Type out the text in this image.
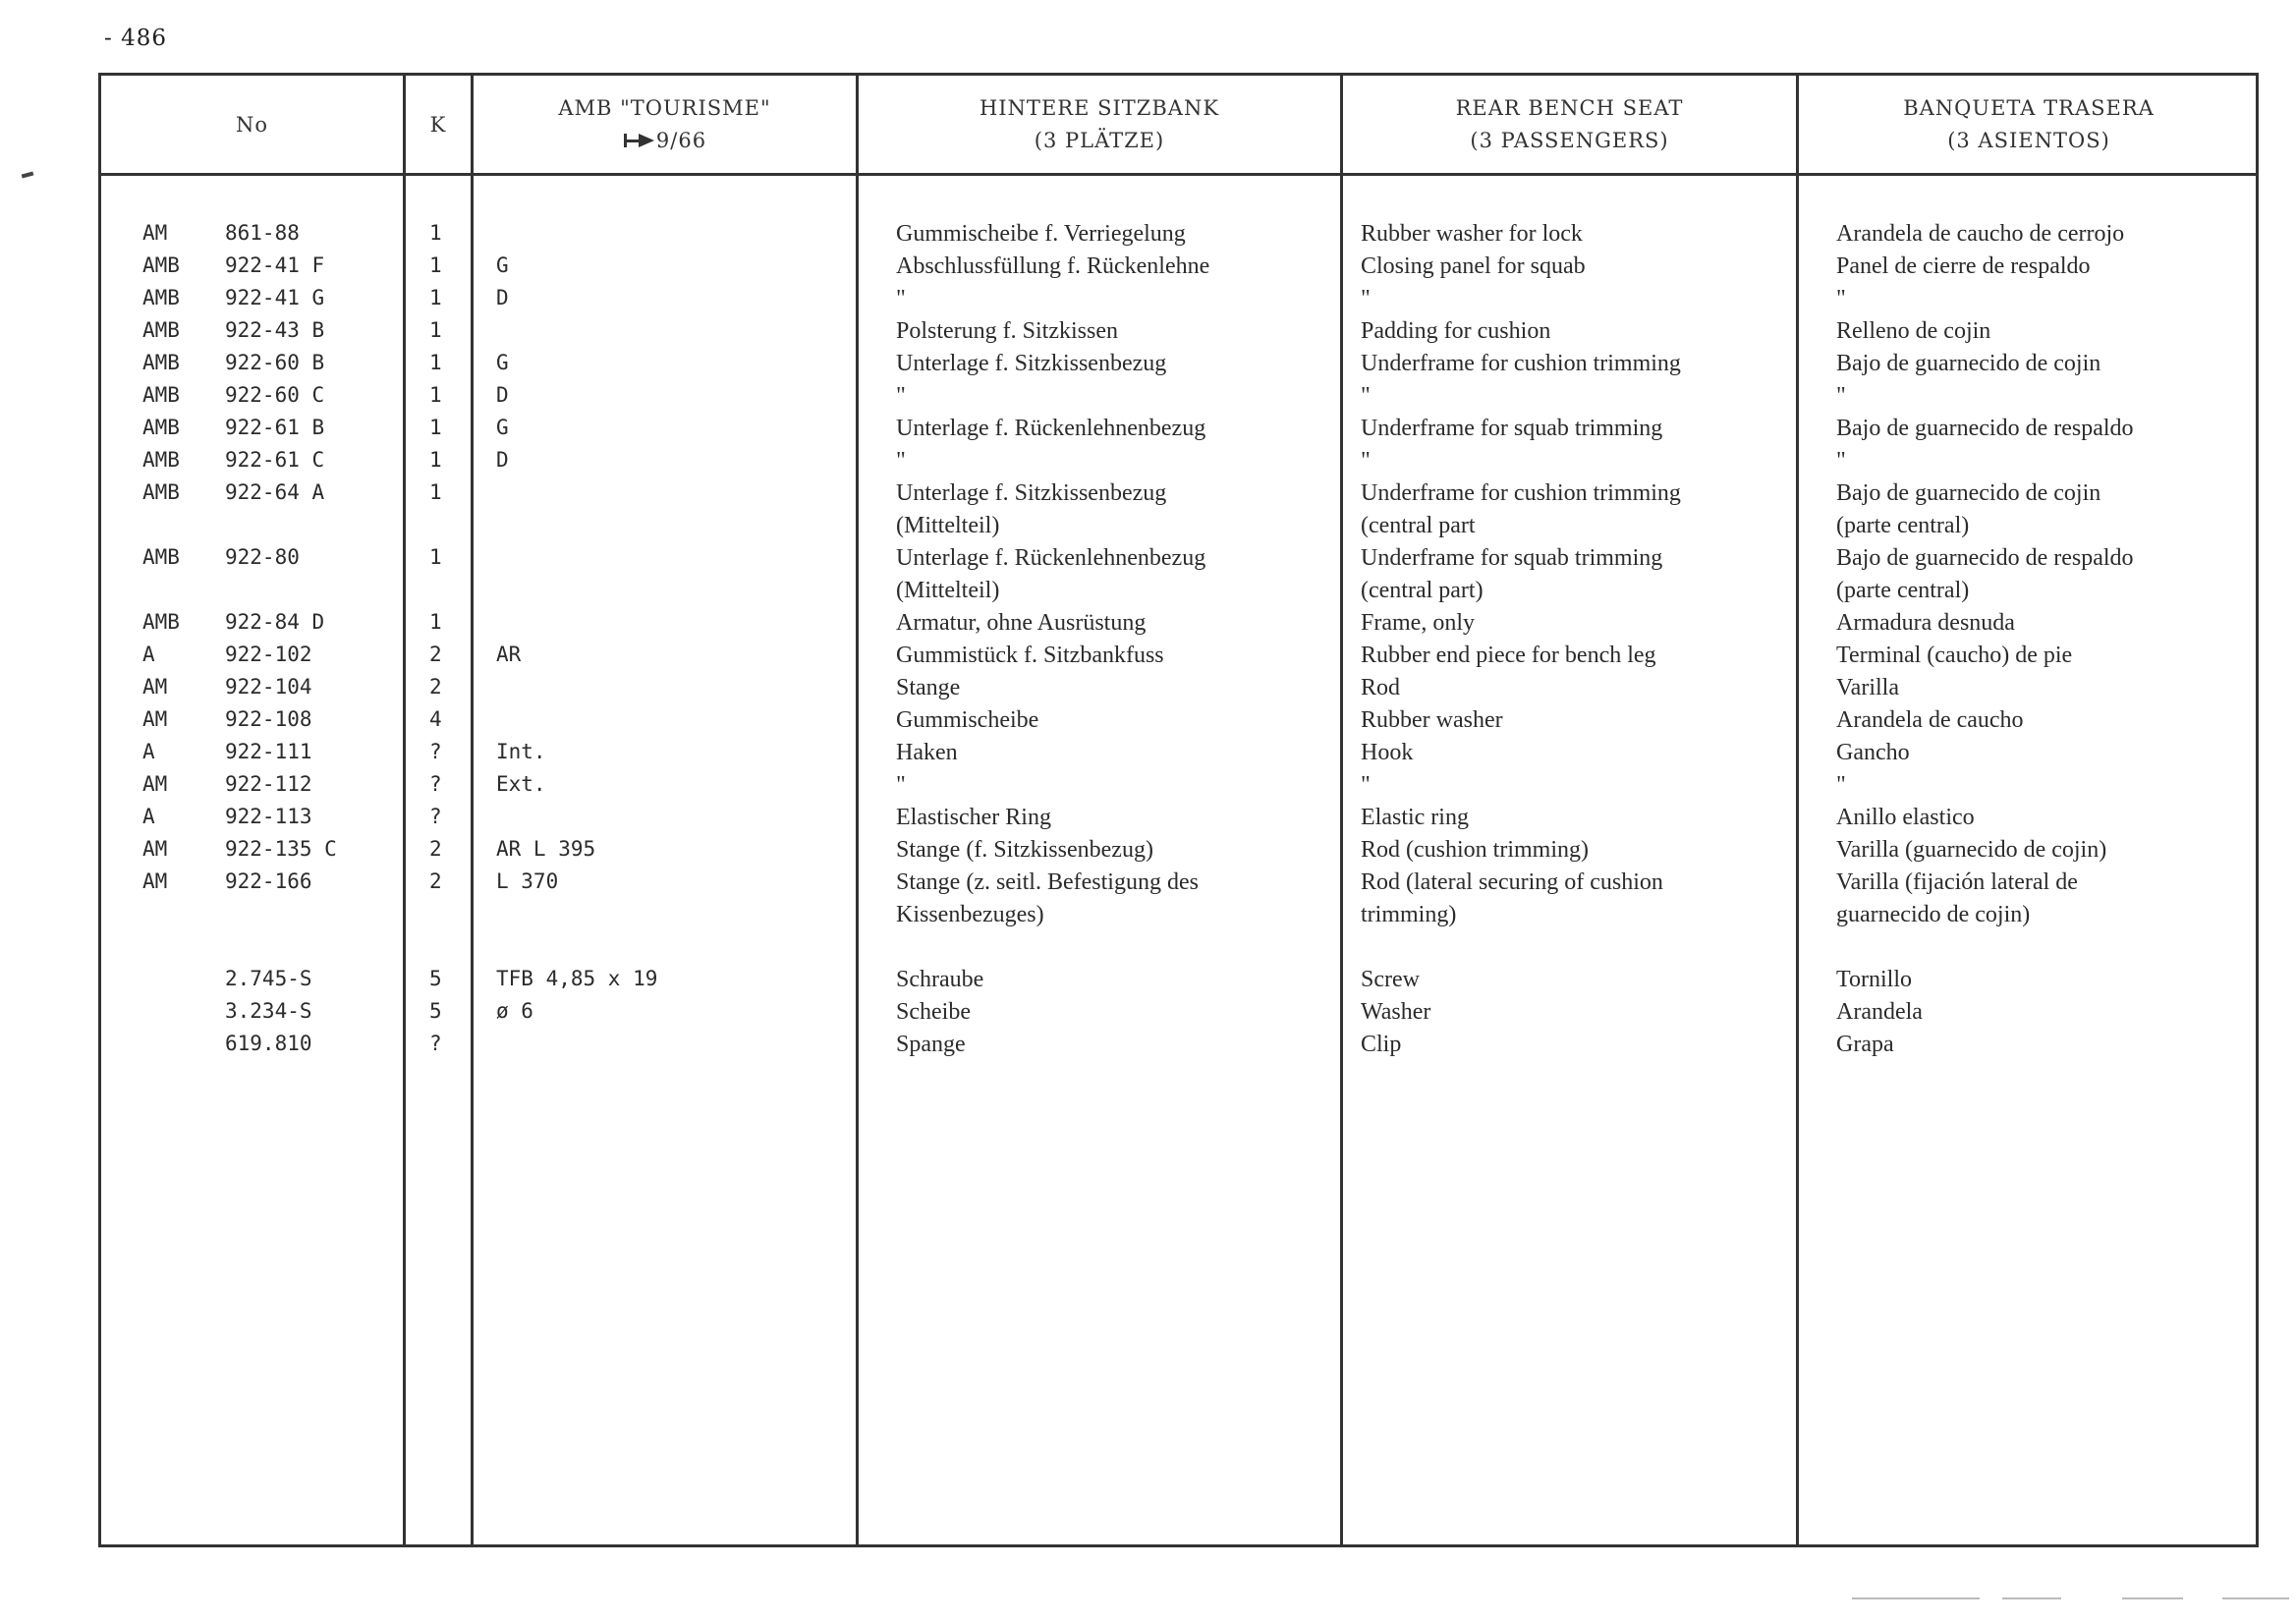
- 486
No	K
AMB "TOURISME"
9/66
HINTERE SITZBANK
(3 PLÄTZE)
REAR BENCH SEAT
(3 PASSENGERS)
BANQUETA TRASERA
(3 ASIENTOS)
AM
AMB
AMB
AMB
AMB
AMB
AMB
AMB
AMB
AMB
AMB
A
AM
AM
A
AM
A
AM
AM
861-88
922-41 F
922-41 G
922-43 B
922-60 B
922-60 C
922-61 B
922-61 C
922-64 A
922-80
922-84 D
922-102
922-104
922-108
922-111
922-112
922-113
922-135 C
922-166
2.745-S
3.234-S
619.810
1
1
1
1
1
1
1
1
1
1
1
2
2
4
?
?
?
2
2
5
5
?
G
D
G
D
G
D
AR
Int.
Ext.
AR L 395
L 370
TFB 4,85 x 19
ø 6
Gummischeibe f. Verriegelung
Abschlussfüllung f. Rückenlehne
"
Polsterung f. Sitzkissen
Unterlage f. Sitzkissenbezug
"
Unterlage f. Rückenlehnenbezug
"
Unterlage f. Sitzkissenbezug
(Mittelteil)
Unterlage f. Rückenlehnenbezug
(Mittelteil)
Armatur, ohne Ausrüstung
Gummistück f. Sitzbankfuss
Stange
Gummischeibe
Haken
"
Elastischer Ring
Stange (f. Sitzkissenbezug)
Stange (z. seitl. Befestigung des
Kissenbezuges)
Schraube
Scheibe
Spange
Rubber washer for lock
Closing panel for squab
"
Padding for cushion
Underframe for cushion trimming
"
Underframe for squab trimming
"
Underframe for cushion trimming
(central part
Underframe for squab trimming
(central part)
Frame, only
Rubber end piece for bench leg
Rod
Rubber washer
Hook
"
Elastic ring
Rod (cushion trimming)
Rod (lateral securing of cushion
trimming)
Screw
Washer
Clip
Arandela de caucho de cerrojo
Panel de cierre de respaldo
"
Relleno de cojin
Bajo de guarnecido de cojin
"
Bajo de guarnecido de respaldo
"
Bajo de guarnecido de cojin
(parte central)
Bajo de guarnecido de respaldo
(parte central)
Armadura desnuda
Terminal (caucho) de pie
Varilla
Arandela de caucho
Gancho
"
Anillo elastico
Varilla (guarnecido de cojin)
Varilla (fijación lateral de
guarnecido de cojin)
Tornillo
Arandela
Grapa
